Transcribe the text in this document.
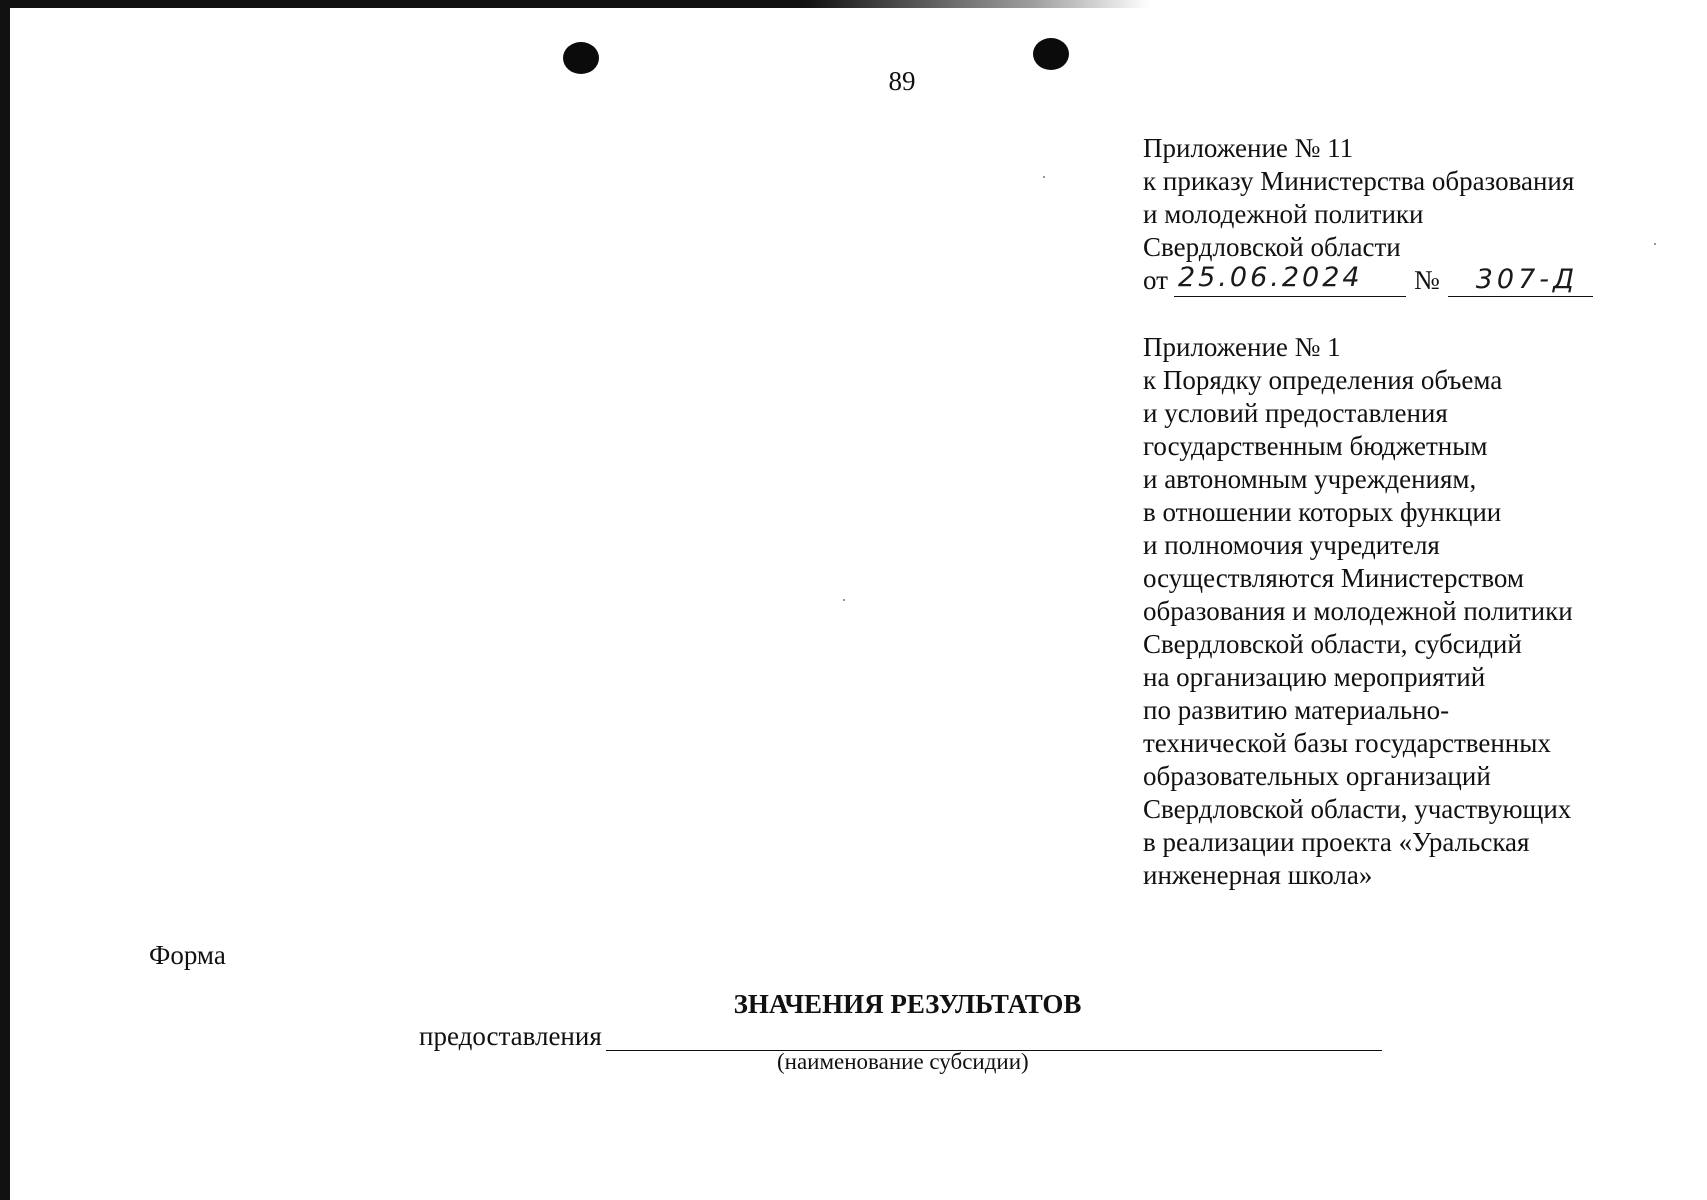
89
Приложение № 11
к приказу Министерства образования
и молодежной политики
Свердловской области
от 25.06.2024 № 307-Д
Приложение № 1
к Порядку определения объема
и условий предоставления
государственным бюджетным
и автономным учреждениям,
в отношении которых функции
и полномочия учредителя
осуществляются Министерством
образования и молодежной политики
Свердловской области, субсидий
на организацию мероприятий
по развитию материально-
технической базы государственных
образовательных организаций
Свердловской области, участвующих
в реализации проекта «Уральская
инженерная школа»
Форма
ЗНАЧЕНИЯ РЕЗУЛЬТАТОВ
предоставления
(наименование субсидии)
